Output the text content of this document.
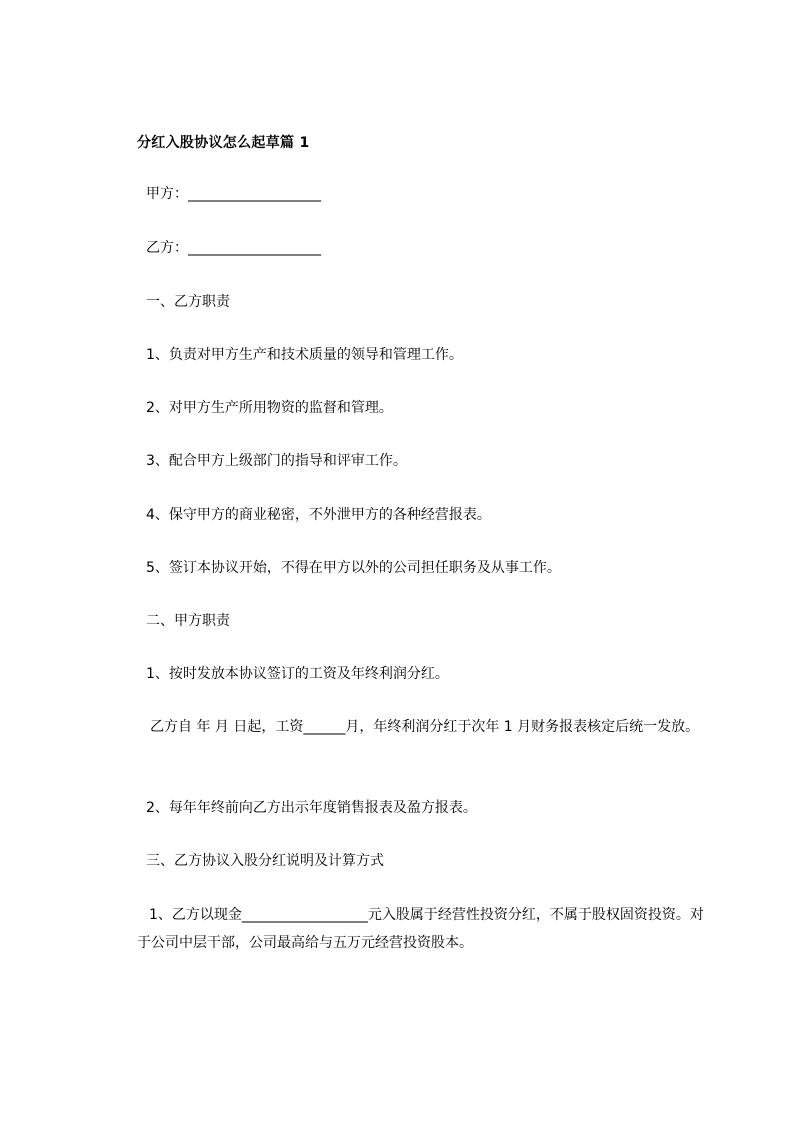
分红入股协议怎么起草篇 1
甲方：___________________
乙方：___________________
一、乙方职责
1、负责对甲方生产和技术质量的领导和管理工作。
2、对甲方生产所用物资的监督和管理。
3、配合甲方上级部门的指导和评审工作。
4、保守甲方的商业秘密，不外泄甲方的各种经营报表。
5、签订本协议开始，不得在甲方以外的公司担任职务及从事工作。
二、甲方职责
1、按时发放本协议签订的工资及年终利润分红。
乙方自 年 月 日起，工资______月，年终利润分红于次年 1 月财务报表核定后统一发放。
2、每年年终前向乙方出示年度销售报表及盈方报表。
三、乙方协议入股分红说明及计算方式
1、乙方以现金__________________元入股属于经营性投资分红，不属于股权固资投资。对于公司中层干部，公司最高给与五万元经营投资股本。
